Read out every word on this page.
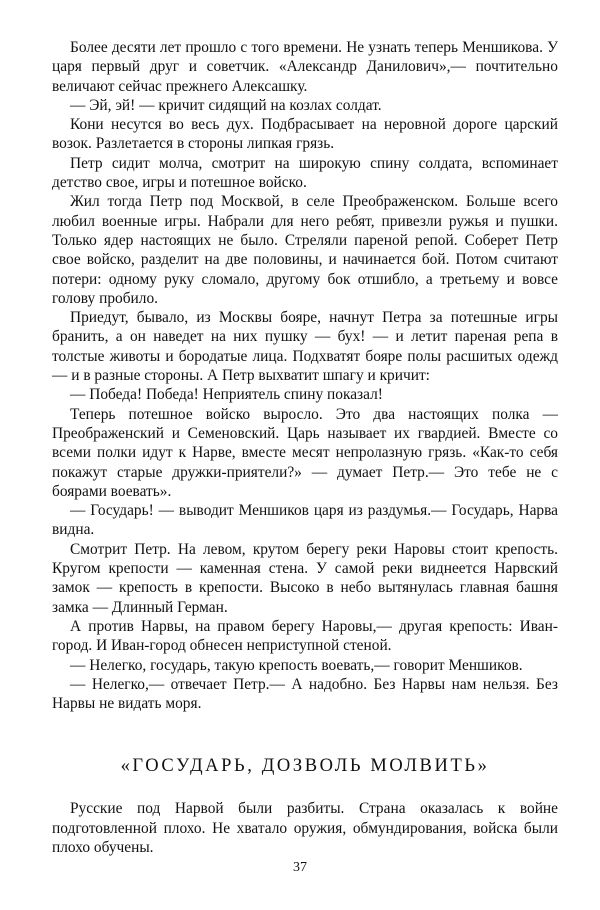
Более десяти лет прошло с того времени. Не узнать теперь Меншикова. У царя первый друг и советчик. «Александр Данилович»,— почтительно величают сейчас прежнего Алексашку.

— Эй, эй! — кричит сидящий на козлах солдат.

Кони несутся во весь дух. Подбрасывает на неровной дороге царский возок. Разлетается в стороны липкая грязь.

Петр сидит молча, смотрит на широкую спину солдата, вспоминает детство свое, игры и потешное войско.

Жил тогда Петр под Москвой, в селе Преображенском. Больше всего любил военные игры. Набрали для него ребят, привезли ружья и пушки. Только ядер настоящих не было. Стреляли пареной репой. Соберет Петр свое войско, разделит на две половины, и начинается бой. Потом считают потери: одному руку сломало, другому бок отшибло, а третьему и вовсе голову пробило.

Приедут, бывало, из Москвы бояре, начнут Петра за потешные игры бранить, а он наведет на них пушку — бух! — и летит пареная репа в толстые животы и бородатые лица. Подхватят бояре полы расшитых одежд — и в разные стороны. А Петр выхватит шпагу и кричит:

— Победа! Победа! Неприятель спину показал!

Теперь потешное войско выросло. Это два настоящих полка — Преображенский и Семеновский. Царь называет их гвардией. Вместе со всеми полки идут к Нарве, вместе месят непролазную грязь. «Как-то себя покажут старые дружки-приятели?» — думает Петр.— Это тебе не с боярами воевать».

— Государь! — выводит Меншиков царя из раздумья.— Государь, Нарва видна.

Смотрит Петр. На левом, крутом берегу реки Наровы стоит крепость. Кругом крепости — каменная стена. У самой реки виднеется Нарвский замок — крепость в крепости. Высоко в небо вытянулась главная башня замка — Длинный Герман.

А против Нарвы, на правом берегу Наровы,— другая крепость: Иван-город. И Иван-город обнесен неприступной стеной.

— Нелегко, государь, такую крепость воевать,— говорит Меншиков.

— Нелегко,— отвечает Петр.— А надобно. Без Нарвы нам нельзя. Без Нарвы не видать моря.

«ГОСУДАРЬ, ДОЗВОЛЬ МОЛВИТЬ»

Русские под Нарвой были разбиты. Страна оказалась к войне подготовленной плохо. Не хватало оружия, обмундирования, войска были плохо обучены.

37
